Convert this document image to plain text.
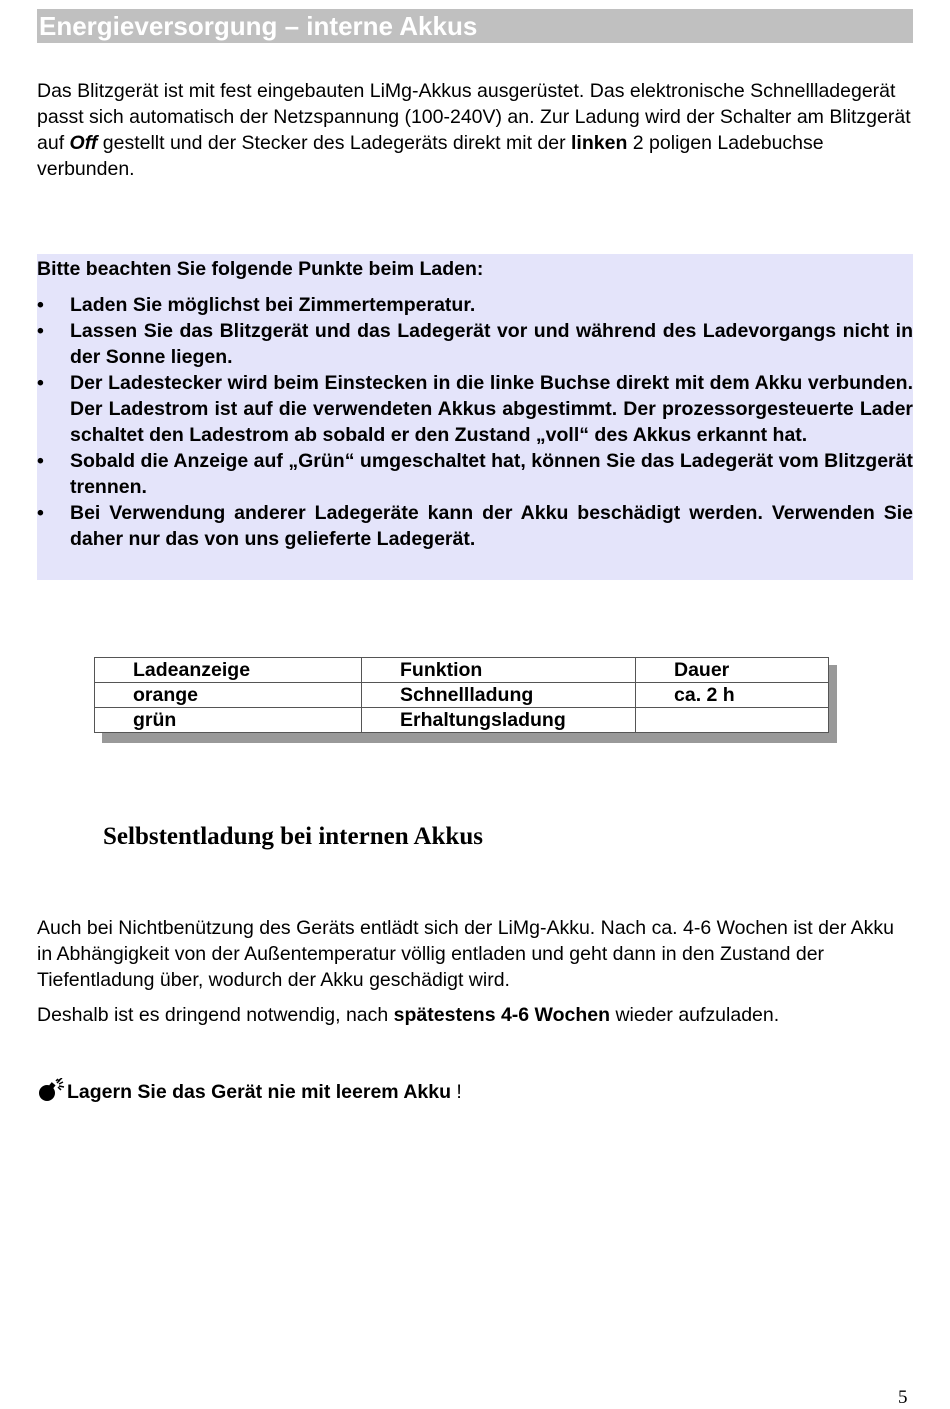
Energieversorgung – interne Akkus

Das Blitzgerät ist mit fest eingebauten LiMg-Akkus ausgerüstet. Das elektronische Schnellladegerät passt sich automatisch der Netzspannung (100-240V) an. Zur Ladung wird der Schalter am Blitzgerät auf Off gestellt und der Stecker des Ladegeräts direkt mit der linken 2 poligen Ladebuchse verbunden.

Bitte beachten Sie folgende Punkte beim Laden:
• Laden Sie möglichst bei Zimmertemperatur.
• Lassen Sie das Blitzgerät und das Ladegerät vor und während des Ladevorgangs nicht in der Sonne liegen.
• Der Ladestecker wird beim Einstecken in die linke Buchse direkt mit dem Akku verbunden. Der Ladestrom ist auf die verwendeten Akkus abgestimmt. Der prozessorgesteuerte Lader schaltet den Ladestrom ab sobald er den Zustand „voll“ des Akkus erkannt hat.
• Sobald die Anzeige auf „Grün“ umgeschaltet hat, können Sie das Ladegerät vom Blitzgerät trennen.
• Bei Verwendung anderer Ladegeräte kann der Akku beschädigt werden. Verwenden Sie daher nur das von uns gelieferte Ladegerät.
Ladeanzeige	Funktion	Dauer
orange	Schnellladung	ca. 2 h
grün	Erhaltungsladung	
Selbstentladung bei internen Akkus

Auch bei Nichtbenützung des Geräts entlädt sich der LiMg-Akku. Nach ca. 4-6 Wochen ist der Akku in Abhängigkeit von der Außentemperatur völlig entladen und geht dann in den Zustand der Tiefentladung über, wodurch der Akku geschädigt wird.

Deshalb ist es dringend notwendig, nach spätestens 4-6 Wochen wieder aufzuladen.

Lagern Sie das Gerät nie mit leerem Akku !
5
